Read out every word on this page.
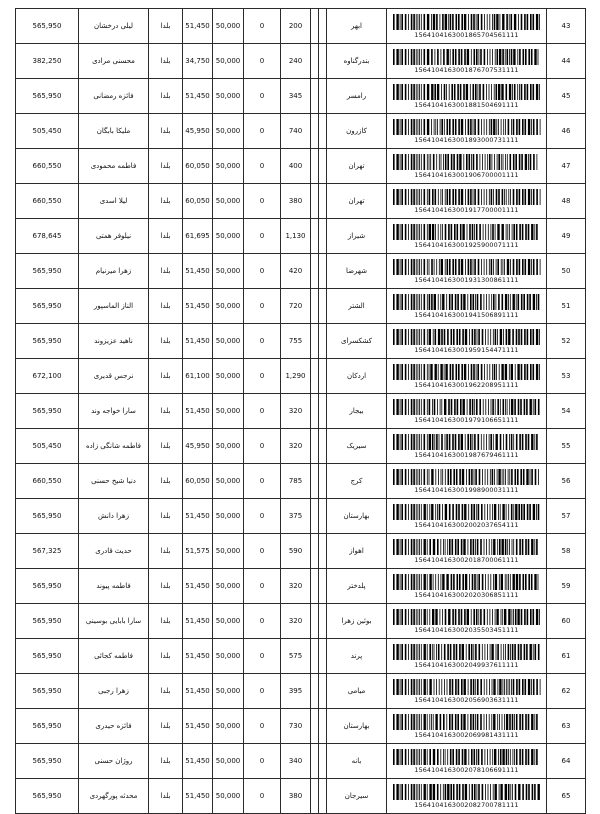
565,950	لیلی درخشان	بلدا	51,450	50,000	0	200			ابهر	1564104163001865704561111	43
382,250	محسنی مرادی	بلدا	34,750	50,000	0	240			بندرگناوه	1564104163001876707531111	44
565,950	فائزه رمضانی	بلدا	51,450	50,000	0	345			رامسر	1564104163001881504691111	45
505,450	ملیکا بابگان	بلدا	45,950	50,000	0	740			کازرون	1564104163001893000731111	46
660,550	فاطمه محمودی	بلدا	60,050	50,000	0	400			تهران	1564104163001906700001111	47
660,550	لیلا اسدی	بلدا	60,050	50,000	0	380			تهران	1564104163001917700001111	48
678,645	نیلوفر همتی	بلدا	61,695	50,000	0	1,130			شیراز	1564104163001925900071111	49
565,950	زهرا میرنیام	بلدا	51,450	50,000	0	420			شهرضا	1564104163001931300861111	50
565,950	الناز الماسپور	بلدا	51,450	50,000	0	720			الشتر	1564104163001941506891111	51
565,950	ناهید عزیزوند	بلدا	51,450	50,000	0	755			کشکسرای	1564104163001959154471111	52
672,100	نرجس قدیری	بلدا	61,100	50,000	0	1,290			اردکان	1564104163001962208951111	53
565,950	سارا خواجه وند	بلدا	51,450	50,000	0	320			بیجار	1564104163001979106651111	54
505,450	فاطمه شانگی زاده	بلدا	45,950	50,000	0	320			سیریک	1564104163001987679461111	55
660,550	دنیا شیخ حسنی	بلدا	60,050	50,000	0	785			کرج	1564104163001998900031111	56
565,950	زهرا دانش	بلدا	51,450	50,000	0	375			بهارستان	1564104163002002037654111	57
567,325	حدیث قادری	بلدا	51,575	50,000	0	590			اهواز	1564104163002018700061111	58
565,950	فاطمه پیوند	بلدا	51,450	50,000	0	320			پلدختر	1564104163002020306851111	59
565,950	سارا بابایی بوسینی	بلدا	51,450	50,000	0	320			بوئین زهرا	1564104163002035503451111	60
565,950	فاطمه کجائی	بلدا	51,450	50,000	0	575			پرند	1564104163002049937611111	61
565,950	زهرا رجبی	بلدا	51,450	50,000	0	395			میامی	1564104163002056903631111	62
565,950	فائزه حیدری	بلدا	51,450	50,000	0	730			بهارستان	1564104163002069981431111	63
565,950	روژان حسنی	بلدا	51,450	50,000	0	340			بانه	1564104163002078106691111	64
565,950	محدثه پورگهردی	بلدا	51,450	50,000	0	380			سیرجان	1564104163002082700781111	65
